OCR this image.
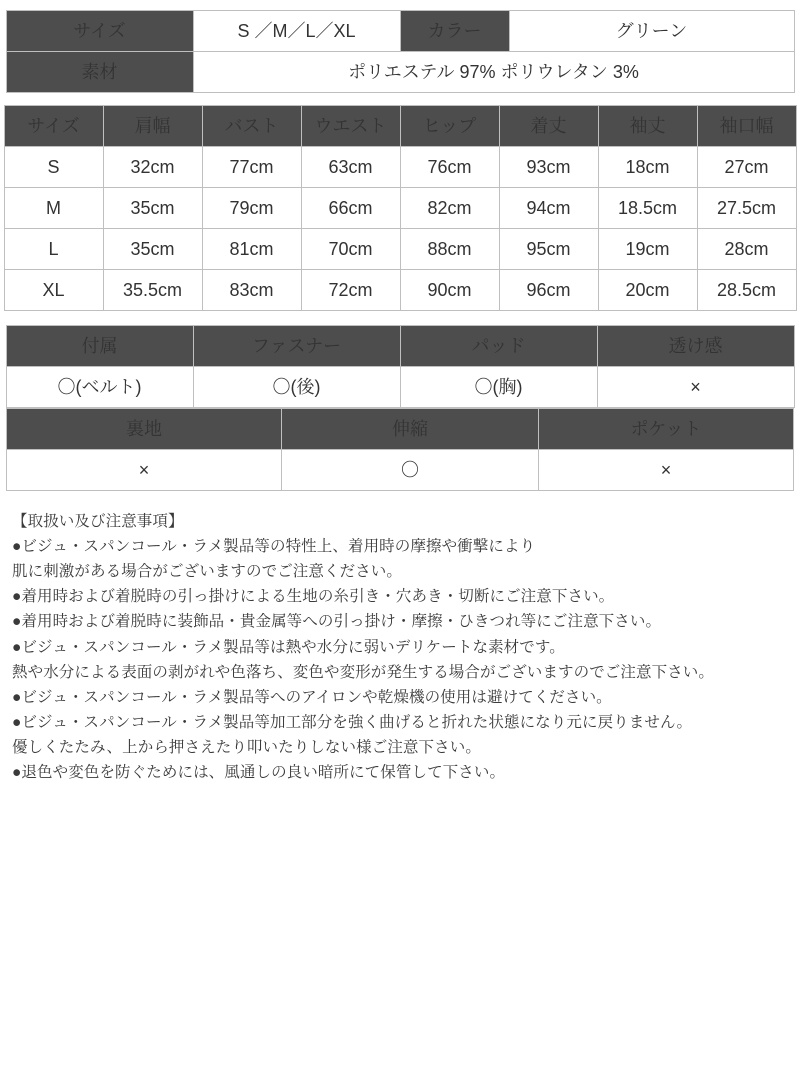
サイズ	S ／M／L／XL	カラー	グリーン
素材	ポリエステル 97% ポリウレタン 3%		
サイズ	肩幅	バスト	ウエスト	ヒップ	着丈	袖丈	袖口幅
S	32cm	77cm	63cm	76cm	93cm	18cm	27cm
M	35cm	79cm	66cm	82cm	94cm	18.5cm	27.5cm
L	35cm	81cm	70cm	88cm	95cm	19cm	28cm
XL	35.5cm	83cm	72cm	90cm	96cm	20cm	28.5cm
付属	ファスナー	パッド	透け感
〇(ベルト)	〇(後)	〇(胸)	×
裏地	伸縮	ポケット
×	〇	×
【取扱い及び注意事項】
●ビジュ・スパンコール・ラメ製品等の特性上、着用時の摩擦や衝撃により
肌に刺激がある場合がございますのでご注意ください。
●着用時および着脱時の引っ掛けによる生地の糸引き・穴あき・切断にご注意下さい。
●着用時および着脱時に装飾品・貴金属等への引っ掛け・摩擦・ひきつれ等にご注意下さい。
●ビジュ・スパンコール・ラメ製品等は熱や水分に弱いデリケートな素材です。
熱や水分による表面の剥がれや色落ち、変色や変形が発生する場合がございますのでご注意下さい。
●ビジュ・スパンコール・ラメ製品等へのアイロンや乾燥機の使用は避けてください。
●ビジュ・スパンコール・ラメ製品等加工部分を強く曲げると折れた状態になり元に戻りません。
優しくたたみ、上から押さえたり叩いたりしない様ご注意下さい。
●退色や変色を防ぐためには、風通しの良い暗所にて保管して下さい。
